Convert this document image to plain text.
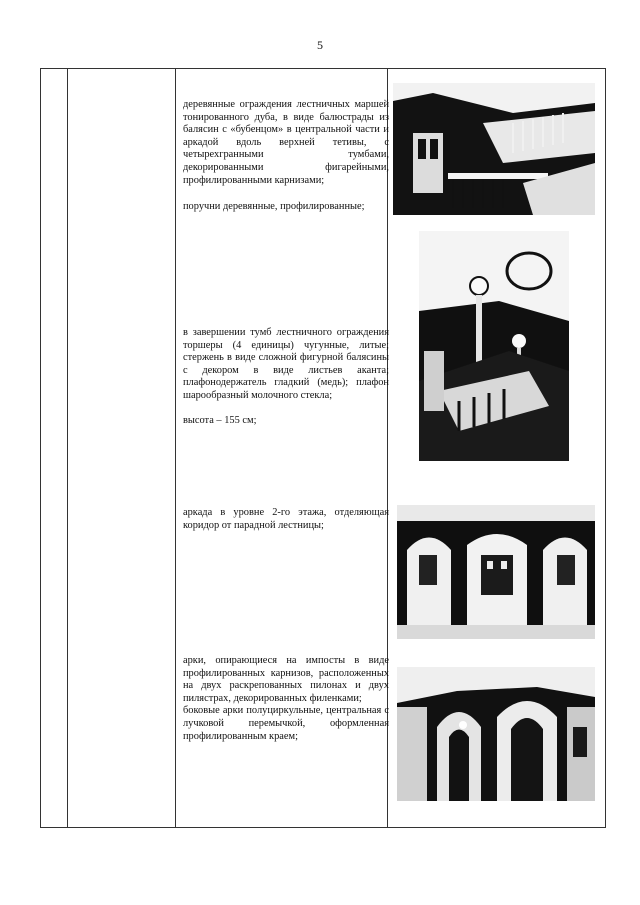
5

деревянные ограждения лестничных маршей тонированного дуба, в виде балюстрады из балясин с «бубенцом» в центральной части и аркадой вдоль верхней тетивы, с четырехгранными тумбами, декорированными фигарейными, профилированными карнизами;

поручни деревянные, профилированные;

в завершении тумб лестничного ограждения торшеры (4 единицы) чугунные, литые; стержень в виде сложной фигурной балясины с декором в виде листьев аканта; плафонодержатель гладкий (медь); плафон шарообразный молочного стекла;

высота – 155 см;

аркада в уровне 2-го этажа, отделяющая коридор от парадной лестницы;

арки, опирающиеся на импосты в виде профилированных карнизов, расположенных на двух раскрепованных пилонах и двух пилястрах, декорированных филенками;

боковые арки полуциркульные, центральная с лучковой перемычкой, оформленная профилированным краем;
